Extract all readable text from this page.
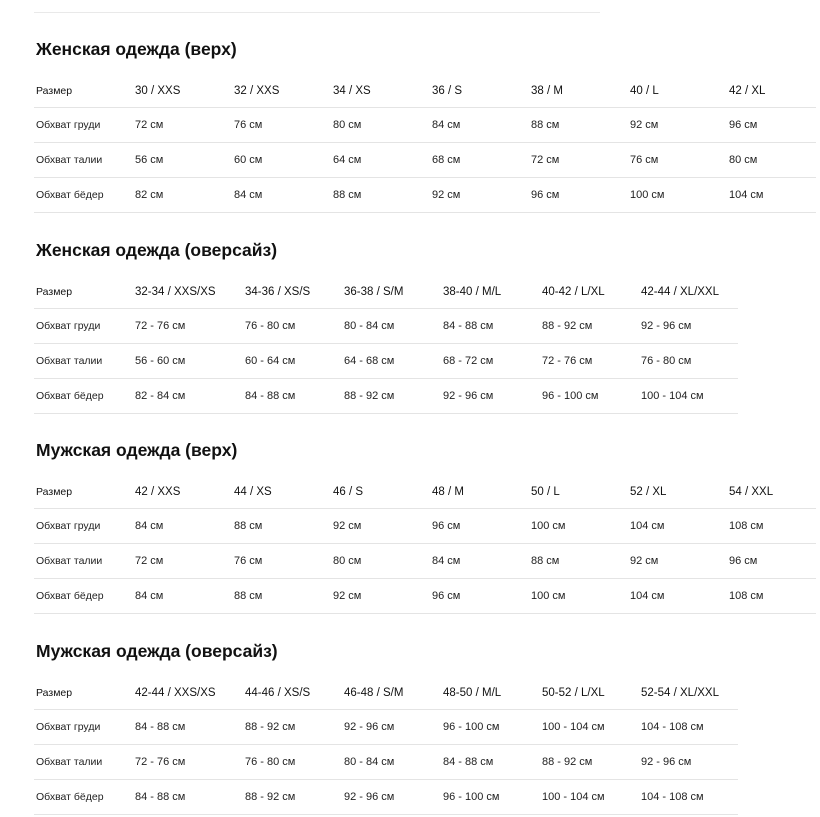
Женская одежда (верх)
Размер	30 / XXS	32 / XXS	34 / XS	36 / S	38 / M	40 / L	42 / XL
Обхват груди	72 см	76 см	80 см	84 см	88 см	92 см	96 см
Обхват талии	56 см	60 см	64 см	68 см	72 см	76 см	80 см
Обхват бёдер	82 см	84 см	88 см	92 см	96 см	100 см	104 см
Женская одежда (оверсайз)
Размер	32-34 / XXS/XS	34-36 / XS/S	36-38 / S/M	38-40 / M/L	40-42 / L/XL	42-44 / XL/XXL
Обхват груди	72 - 76 см	76 - 80 см	80 - 84 см	84 - 88 см	88 - 92 см	92 - 96 см
Обхват талии	56 - 60 см	60 - 64 см	64 - 68 см	68 - 72 см	72 - 76 см	76 - 80 см
Обхват бёдер	82 - 84 см	84 - 88 см	88 - 92 см	92 - 96 см	96 - 100 см	100 - 104 см
Мужская одежда (верх)
Размер	42 / XXS	44 / XS	46 / S	48 / M	50 / L	52 / XL	54 / XXL
Обхват груди	84 см	88 см	92 см	96 см	100 см	104 см	108 см
Обхват талии	72 см	76 см	80 см	84 см	88 см	92 см	96 см
Обхват бёдер	84 см	88 см	92 см	96 см	100 см	104 см	108 см
Мужская одежда (оверсайз)
Размер	42-44 / XXS/XS	44-46 / XS/S	46-48 / S/M	48-50 / M/L	50-52 / L/XL	52-54 / XL/XXL
Обхват груди	84 - 88 см	88 - 92 см	92 - 96 см	96 - 100 см	100 - 104 см	104 - 108 см
Обхват талии	72 - 76 см	76 - 80 см	80 - 84 см	84 - 88 см	88 - 92 см	92 - 96 см
Обхват бёдер	84 - 88 см	88 - 92 см	92 - 96 см	96 - 100 см	100 - 104 см	104 - 108 см
